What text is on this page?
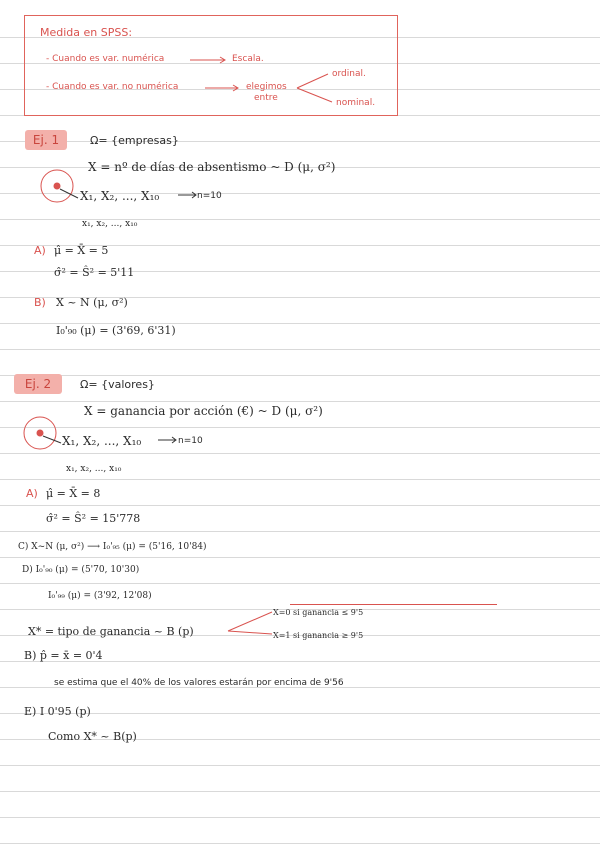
Medida en SPSS:
- Cuando es var. numérica	Escala.
- Cuando es var. no numérica	elegimos
entre
ordinal.
nominal.
Ej. 1	Ω= {empresas}
X = nº de días de absentismo ~ D (μ, σ²)
X₁, X₂, ..., X₁₀	n=10
x₁, x₂, ..., x₁₀
A) μ̂ = X̄ = 5
σ̂² = Ŝ² = 5'11
B) X ~ N (μ, σ²)
I₀'₉₀ (μ) = (3'69, 6'31)
Ej. 2	Ω= {valores}
X = ganancia por acción (€) ~ D (μ, σ²)
X₁, X₂, ..., X₁₀	n=10
x₁, x₂, ..., x₁₀
A) μ̂ = X̄ = 8
σ̂² = Ŝ² = 15'778
C) X~N (μ, σ²) ⟶ I₀'₉₅ (μ) = (5'16, 10'84)
D) I₀'₉₀ (μ) = (5'70, 10'30)
I₀'₉₉ (μ) = (3'92, 12'08)
X* = tipo de ganancia ~ B (p)
X=0 si ganancia ≤ 9'5
X=1 si ganancia ≥ 9'5
B) p̂ = x̄ = 0'4
se estima que el 40% de los valores estarán por encima de 9'56
E) I 0'95 (p)
Como X* ~ B(p)
